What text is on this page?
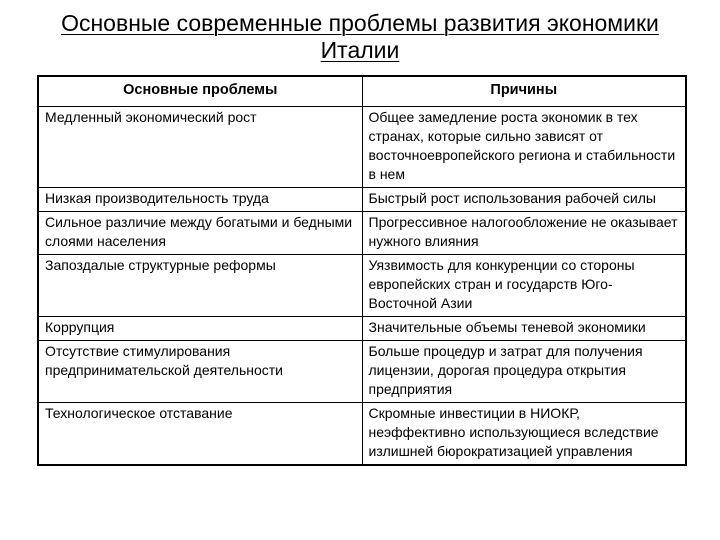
Основные современные проблемы развития экономики
Италии
Основные проблемы	Причины
Медленный экономический рост	Общее замедление роста экономик в тех странах, которые сильно зависят от восточноевропейского региона и стабильности в нем
Низкая производительность труда	Быстрый рост использования рабочей силы
Сильное различие между богатыми и бедными слоями населения	Прогрессивное налогообложение не оказывает нужного влияния
Запоздалые структурные реформы	Уязвимость для конкуренции со стороны европейских стран и государств Юго-Восточной Азии
Коррупция	Значительные объемы теневой экономики
Отсутствие стимулирования предпринимательской деятельности	Больше процедур и затрат для получения лицензии, дорогая процедура открытия предприятия
Технологическое отставание	Скромные инвестиции в НИОКР, неэффективно использующиеся вследствие излишней бюрократизацией управления
